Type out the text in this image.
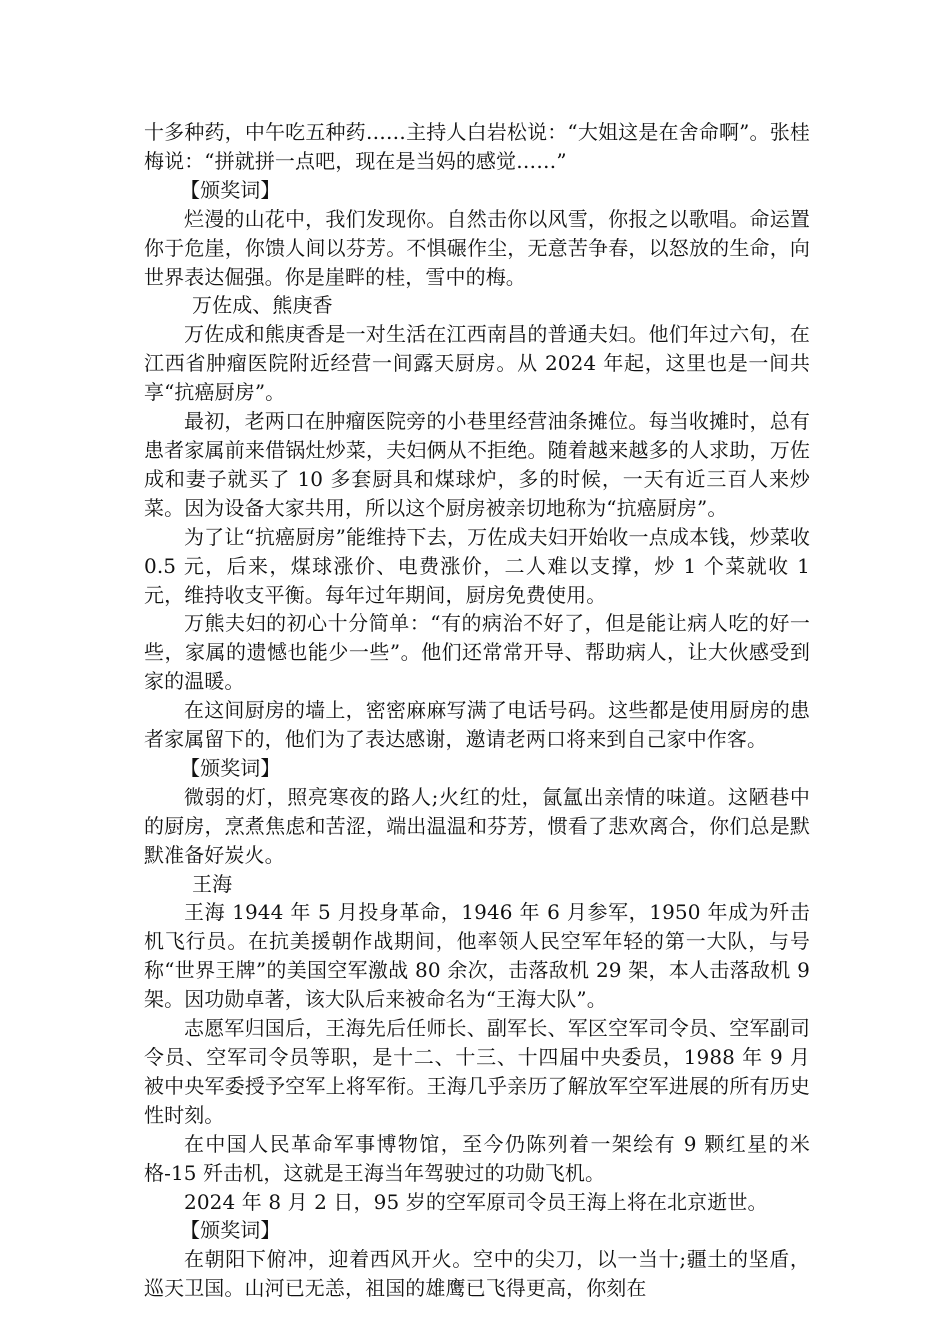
十多种药，中午吃五种药……主持人白岩松说：“大姐这是在舍命啊”。张桂梅说：“拼就拼一点吧，现在是当妈的感觉……”

【颁奖词】

烂漫的山花中，我们发现你。自然击你以风雪，你报之以歌唱。命运置你于危崖，你馈人间以芬芳。不惧碾作尘，无意苦争春，以怒放的生命，向世界表达倔强。你是崖畔的桂，雪中的梅。

万佐成、熊庚香

万佐成和熊庚香是一对生活在江西南昌的普通夫妇。他们年过六旬，在江西省肿瘤医院附近经营一间露天厨房。从 2024 年起，这里也是一间共享“抗癌厨房”。

最初，老两口在肿瘤医院旁的小巷里经营油条摊位。每当收摊时，总有患者家属前来借锅灶炒菜，夫妇俩从不拒绝。随着越来越多的人求助，万佐成和妻子就买了 10 多套厨具和煤球炉，多的时候，一天有近三百人来炒菜。因为设备大家共用，所以这个厨房被亲切地称为“抗癌厨房”。

为了让“抗癌厨房”能维持下去，万佐成夫妇开始收一点成本钱，炒菜收 0.5 元，后来，煤球涨价、电费涨价，二人难以支撑，炒 1 个菜就收 1 元，维持收支平衡。每年过年期间，厨房免费使用。

万熊夫妇的初心十分简单：“有的病治不好了，但是能让病人吃的好一些，家属的遗憾也能少一些”。他们还常常开导、帮助病人，让大伙感受到家的温暖。

在这间厨房的墙上，密密麻麻写满了电话号码。这些都是使用厨房的患者家属留下的，他们为了表达感谢，邀请老两口将来到自己家中作客。

【颁奖词】

微弱的灯，照亮寒夜的路人;火红的灶，氤氲出亲情的味道。这陋巷中的厨房，烹煮焦虑和苦涩，端出温温和芬芳，惯看了悲欢离合，你们总是默默准备好炭火。

王海

王海 1944 年 5 月投身革命，1946 年 6 月参军，1950 年成为歼击机飞行员。在抗美援朝作战期间，他率领人民空军年轻的第一大队，与号称“世界王牌”的美国空军激战 80 余次，击落敌机 29 架，本人击落敌机 9 架。因功勋卓著，该大队后来被命名为“王海大队”。

志愿军归国后，王海先后任师长、副军长、军区空军司令员、空军副司令员、空军司令员等职，是十二、十三、十四届中央委员，1988 年 9 月被中央军委授予空军上将军衔。王海几乎亲历了解放军空军进展的所有历史性时刻。

在中国人民革命军事博物馆，至今仍陈列着一架绘有 9 颗红星的米格-15 歼击机，这就是王海当年驾驶过的功勋飞机。

2024 年 8 月 2 日，95 岁的空军原司令员王海上将在北京逝世。

【颁奖词】

在朝阳下俯冲，迎着西风开火。空中的尖刀，以一当十;疆土的坚盾，巡天卫国。山河已无恙，祖国的雄鹰已飞得更高，你刻在
